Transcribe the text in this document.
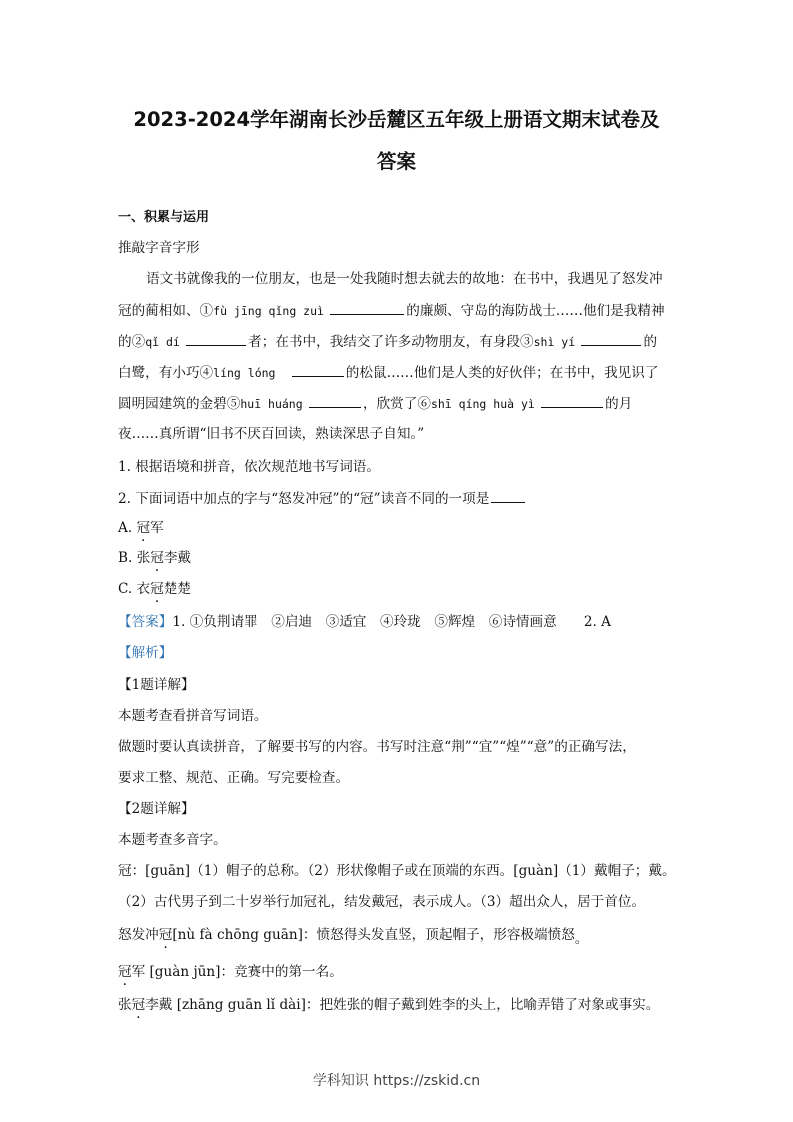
2023-2024学年湖南长沙岳麓区五年级上册语文期末试卷及
答案
一、积累与运用
推敲字音字形
语文书就像我的一位朋友，也是一处我随时想去就去的故地：在书中，我遇见了怒发冲
冠的蔺相如、①fù jīng qǐng zuì	的廉颇、守岛的海防战士……他们是我精神
的②qǐ dí	者；在书中，我结交了许多动物朋友，有身段③shì yí	的
白鹭，有小巧④líng lóng	的松鼠……他们是人类的好伙伴；在书中，我见识了
圆明园建筑的金碧⑤huī huáng	，欣赏了⑥shī qíng huà yì	的月
夜……真所谓“旧书不厌百回读，熟读深思子自知。”
1. 根据语境和拼音，依次规范地书写词语。
2. 下面词语中加点的字与“怒发冲冠”的“冠”读音不同的一项是
A. 冠军
B. 张冠李戴
C. 衣冠楚楚
【答案】1. ①负荆请罪　②启迪　③适宜　④玲珑　⑤辉煌　⑥诗情画意　　2. A
【解析】
【1题详解】
本题考查看拼音写词语。
做题时要认真读拼音，了解要书写的内容。书写时注意“荆”“宜”“煌”“意”的正确写法，
要求工整、规范、正确。写完要检查。
【2题详解】
本题考查多音字。
冠：[guān]（1）帽子的总称。（2）形状像帽子或在顶端的东西。[guàn]（1）戴帽子；戴。
（2）古代男子到二十岁举行加冠礼，结发戴冠，表示成人。（3）超出众人，居于首位。
怒发冲冠[nù fà chōng guān]：愤怒得头发直竖，顶起帽子，形容极端愤怒。
冠军 [guàn jūn]：竞赛中的第一名。
张冠李戴 [zhāng guān lǐ dài]：把姓张的帽子戴到姓李的头上，比喻弄错了对象或事实。
学科知识 https://zskid.cn
